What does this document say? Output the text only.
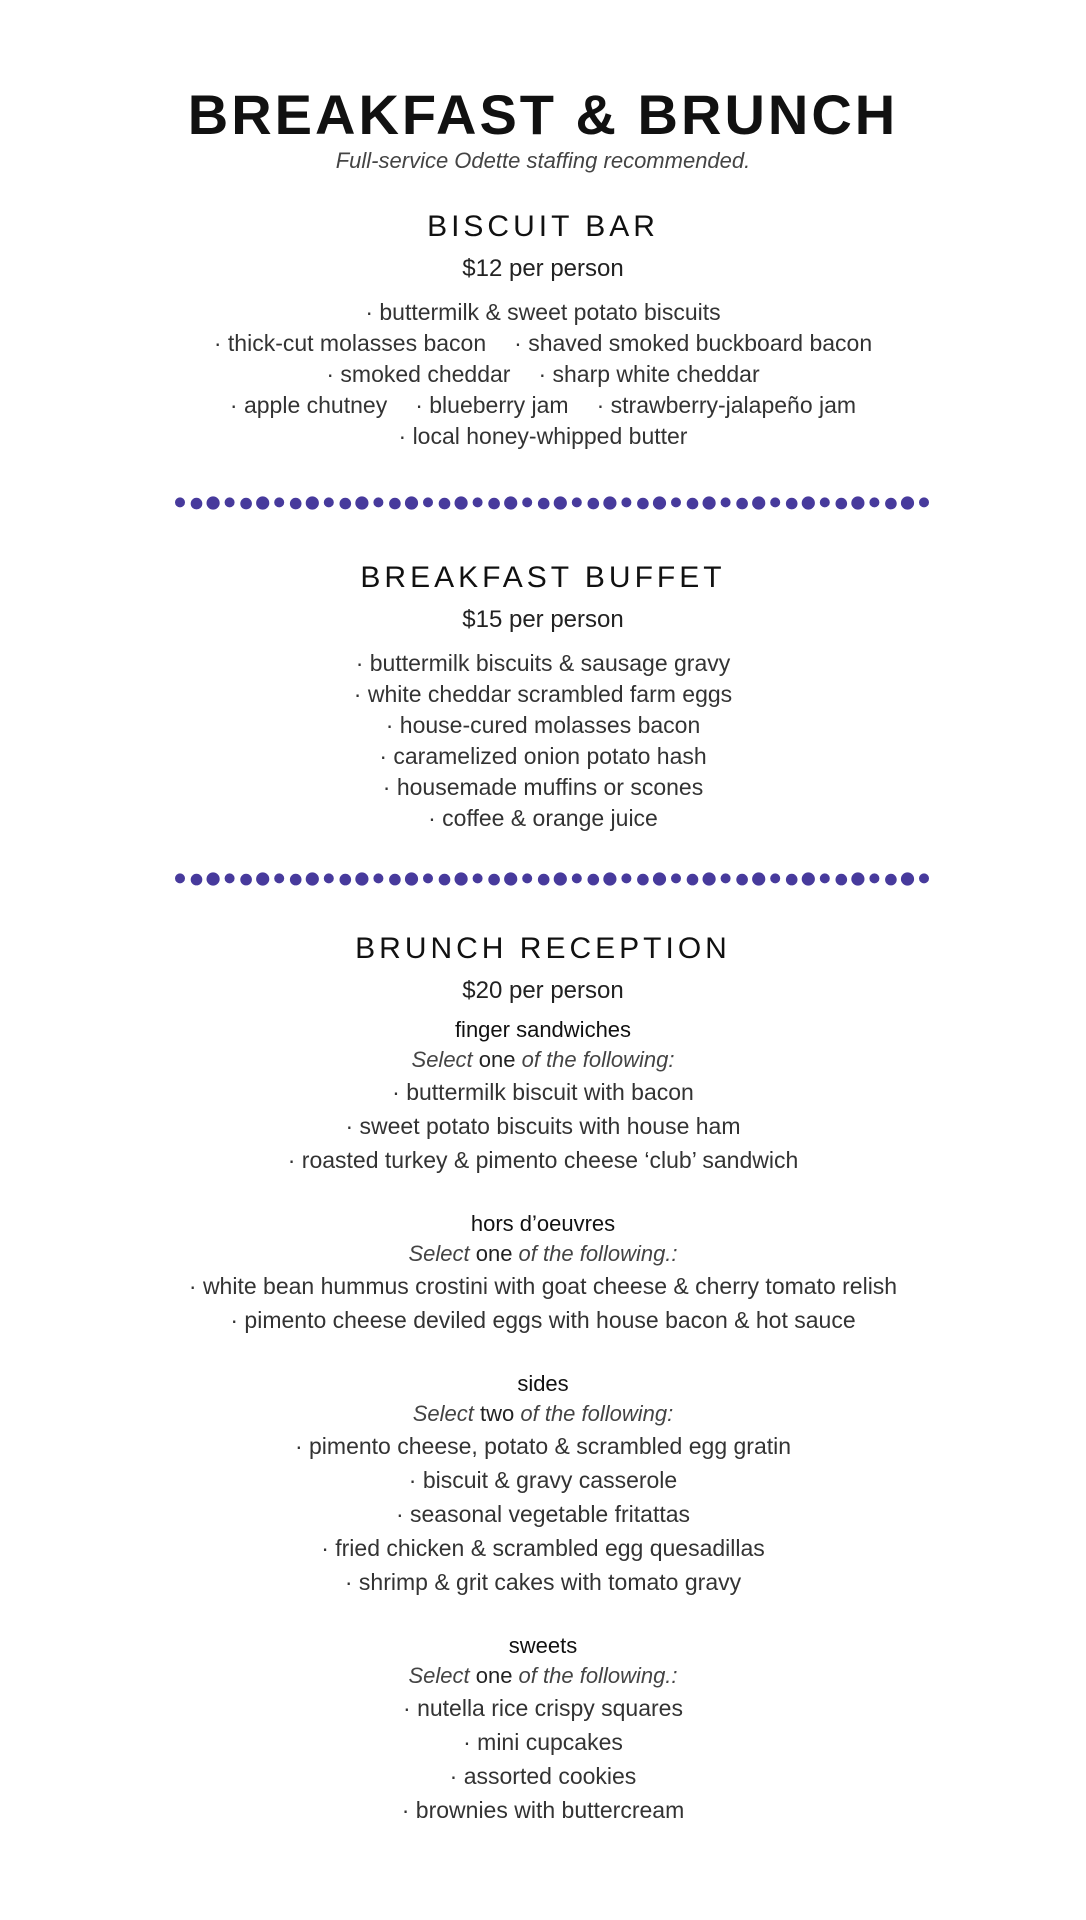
BREAKFAST & BRUNCH
Full-service Odette staffing recommended.
BISCUIT BAR
$12 per person
· buttermilk & sweet potato biscuits
· thick-cut molasses bacon · shaved smoked buckboard bacon
· smoked cheddar · sharp white cheddar
· apple chutney · blueberry jam · strawberry-jalapeño jam
· local honey-whipped butter
BREAKFAST BUFFET
$15 per person
· buttermilk biscuits & sausage gravy
· white cheddar scrambled farm eggs
· house-cured molasses bacon
· caramelized onion potato hash
· housemade muffins or scones
· coffee & orange juice
BRUNCH RECEPTION
$20 per person
finger sandwiches
Select one of the following:
· buttermilk biscuit with bacon
· sweet potato biscuits with house ham
· roasted turkey & pimento cheese ‘club’ sandwich
hors d’oeuvres
Select one of the following.:
· white bean hummus crostini with goat cheese & cherry tomato relish
· pimento cheese deviled eggs with house bacon & hot sauce
sides
Select two of the following:
· pimento cheese, potato & scrambled egg gratin
· biscuit & gravy casserole
· seasonal vegetable fritattas
· fried chicken & scrambled egg quesadillas
· shrimp & grit cakes with tomato gravy
sweets
Select one of the following.:
· nutella rice crispy squares
· mini cupcakes
· assorted cookies
· brownies with buttercream
